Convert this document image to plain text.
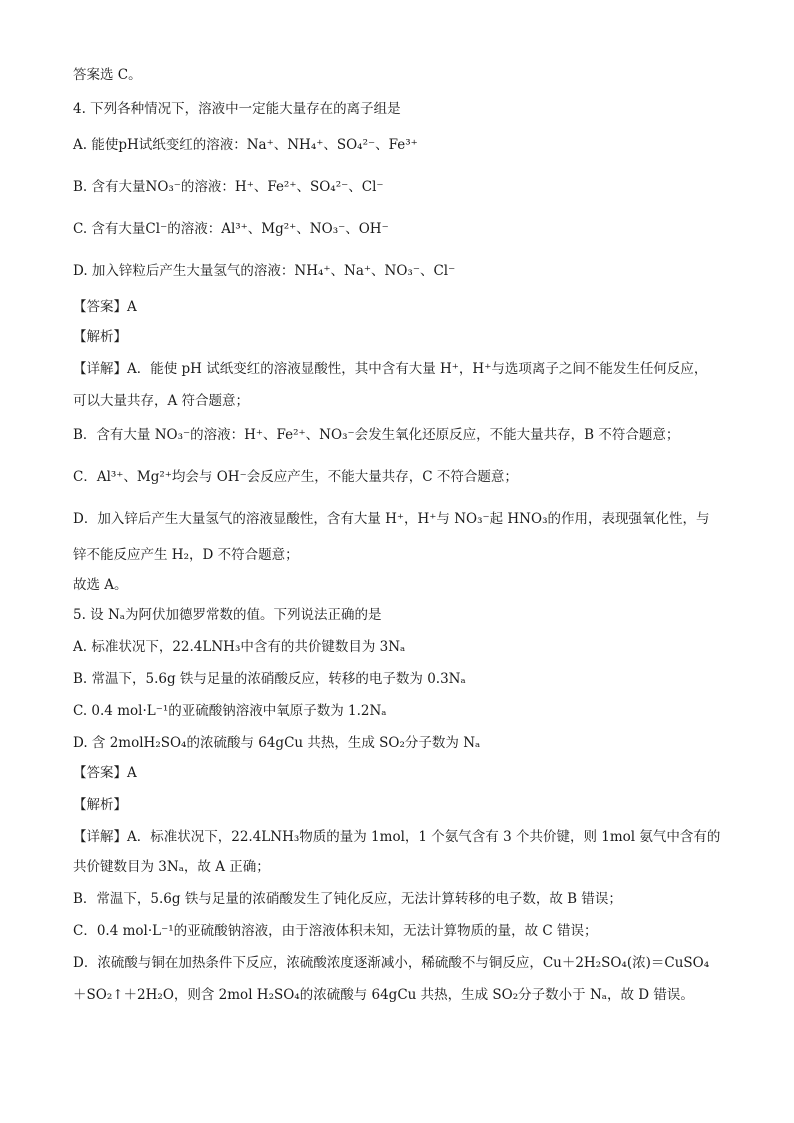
答案选 C。
4. 下列各种情况下，溶液中一定能大量存在的离子组是
A. 能使pH试纸变红的溶液：Na⁺、NH₄⁺、SO₄²⁻、Fe³⁺
B. 含有大量NO₃⁻的溶液：H⁺、Fe²⁺、SO₄²⁻、Cl⁻
C. 含有大量Cl⁻的溶液：Al³⁺、Mg²⁺、NO₃⁻、OH⁻
D. 加入锌粒后产生大量氢气的溶液：NH₄⁺、Na⁺、NO₃⁻、Cl⁻
【答案】A
【解析】
【详解】A．能使 pH 试纸变红的溶液显酸性，其中含有大量 H⁺，H⁺与选项离子之间不能发生任何反应，
可以大量共存，A 符合题意；
B．含有大量 NO₃⁻的溶液：H⁺、Fe²⁺、NO₃⁻会发生氧化还原反应，不能大量共存，B 不符合题意；
C．Al³⁺、Mg²⁺均会与 OH⁻会反应产生，不能大量共存，C 不符合题意；
D．加入锌后产生大量氢气的溶液显酸性，含有大量 H⁺，H⁺与 NO₃⁻起 HNO₃的作用，表现强氧化性，与
锌不能反应产生 H₂，D 不符合题意；
故选 A。
5. 设 Nₐ为阿伏加德罗常数的值。下列说法正确的是
A. 标准状况下，22.4LNH₃中含有的共价键数目为 3Nₐ
B. 常温下，5.6g 铁与足量的浓硝酸反应，转移的电子数为 0.3Nₐ
C. 0.4 mol·L⁻¹的亚硫酸钠溶液中氧原子数为 1.2Nₐ
D. 含 2molH₂SO₄的浓硫酸与 64gCu 共热，生成 SO₂分子数为 Nₐ
【答案】A
【解析】
【详解】A．标准状况下，22.4LNH₃物质的量为 1mol，1 个氨气含有 3 个共价键，则 1mol 氨气中含有的
共价键数目为 3Nₐ，故 A 正确；
B．常温下，5.6g 铁与足量的浓硝酸发生了钝化反应，无法计算转移的电子数，故 B 错误；
C．0.4 mol·L⁻¹的亚硫酸钠溶液，由于溶液体积未知，无法计算物质的量，故 C 错误；
D．浓硫酸与铜在加热条件下反应，浓硫酸浓度逐渐减小，稀硫酸不与铜反应，Cu＋2H₂SO₄(浓)＝CuSO₄
＋SO₂↑＋2H₂O，则含 2mol H₂SO₄的浓硫酸与 64gCu 共热，生成 SO₂分子数小于 Nₐ，故 D 错误。
